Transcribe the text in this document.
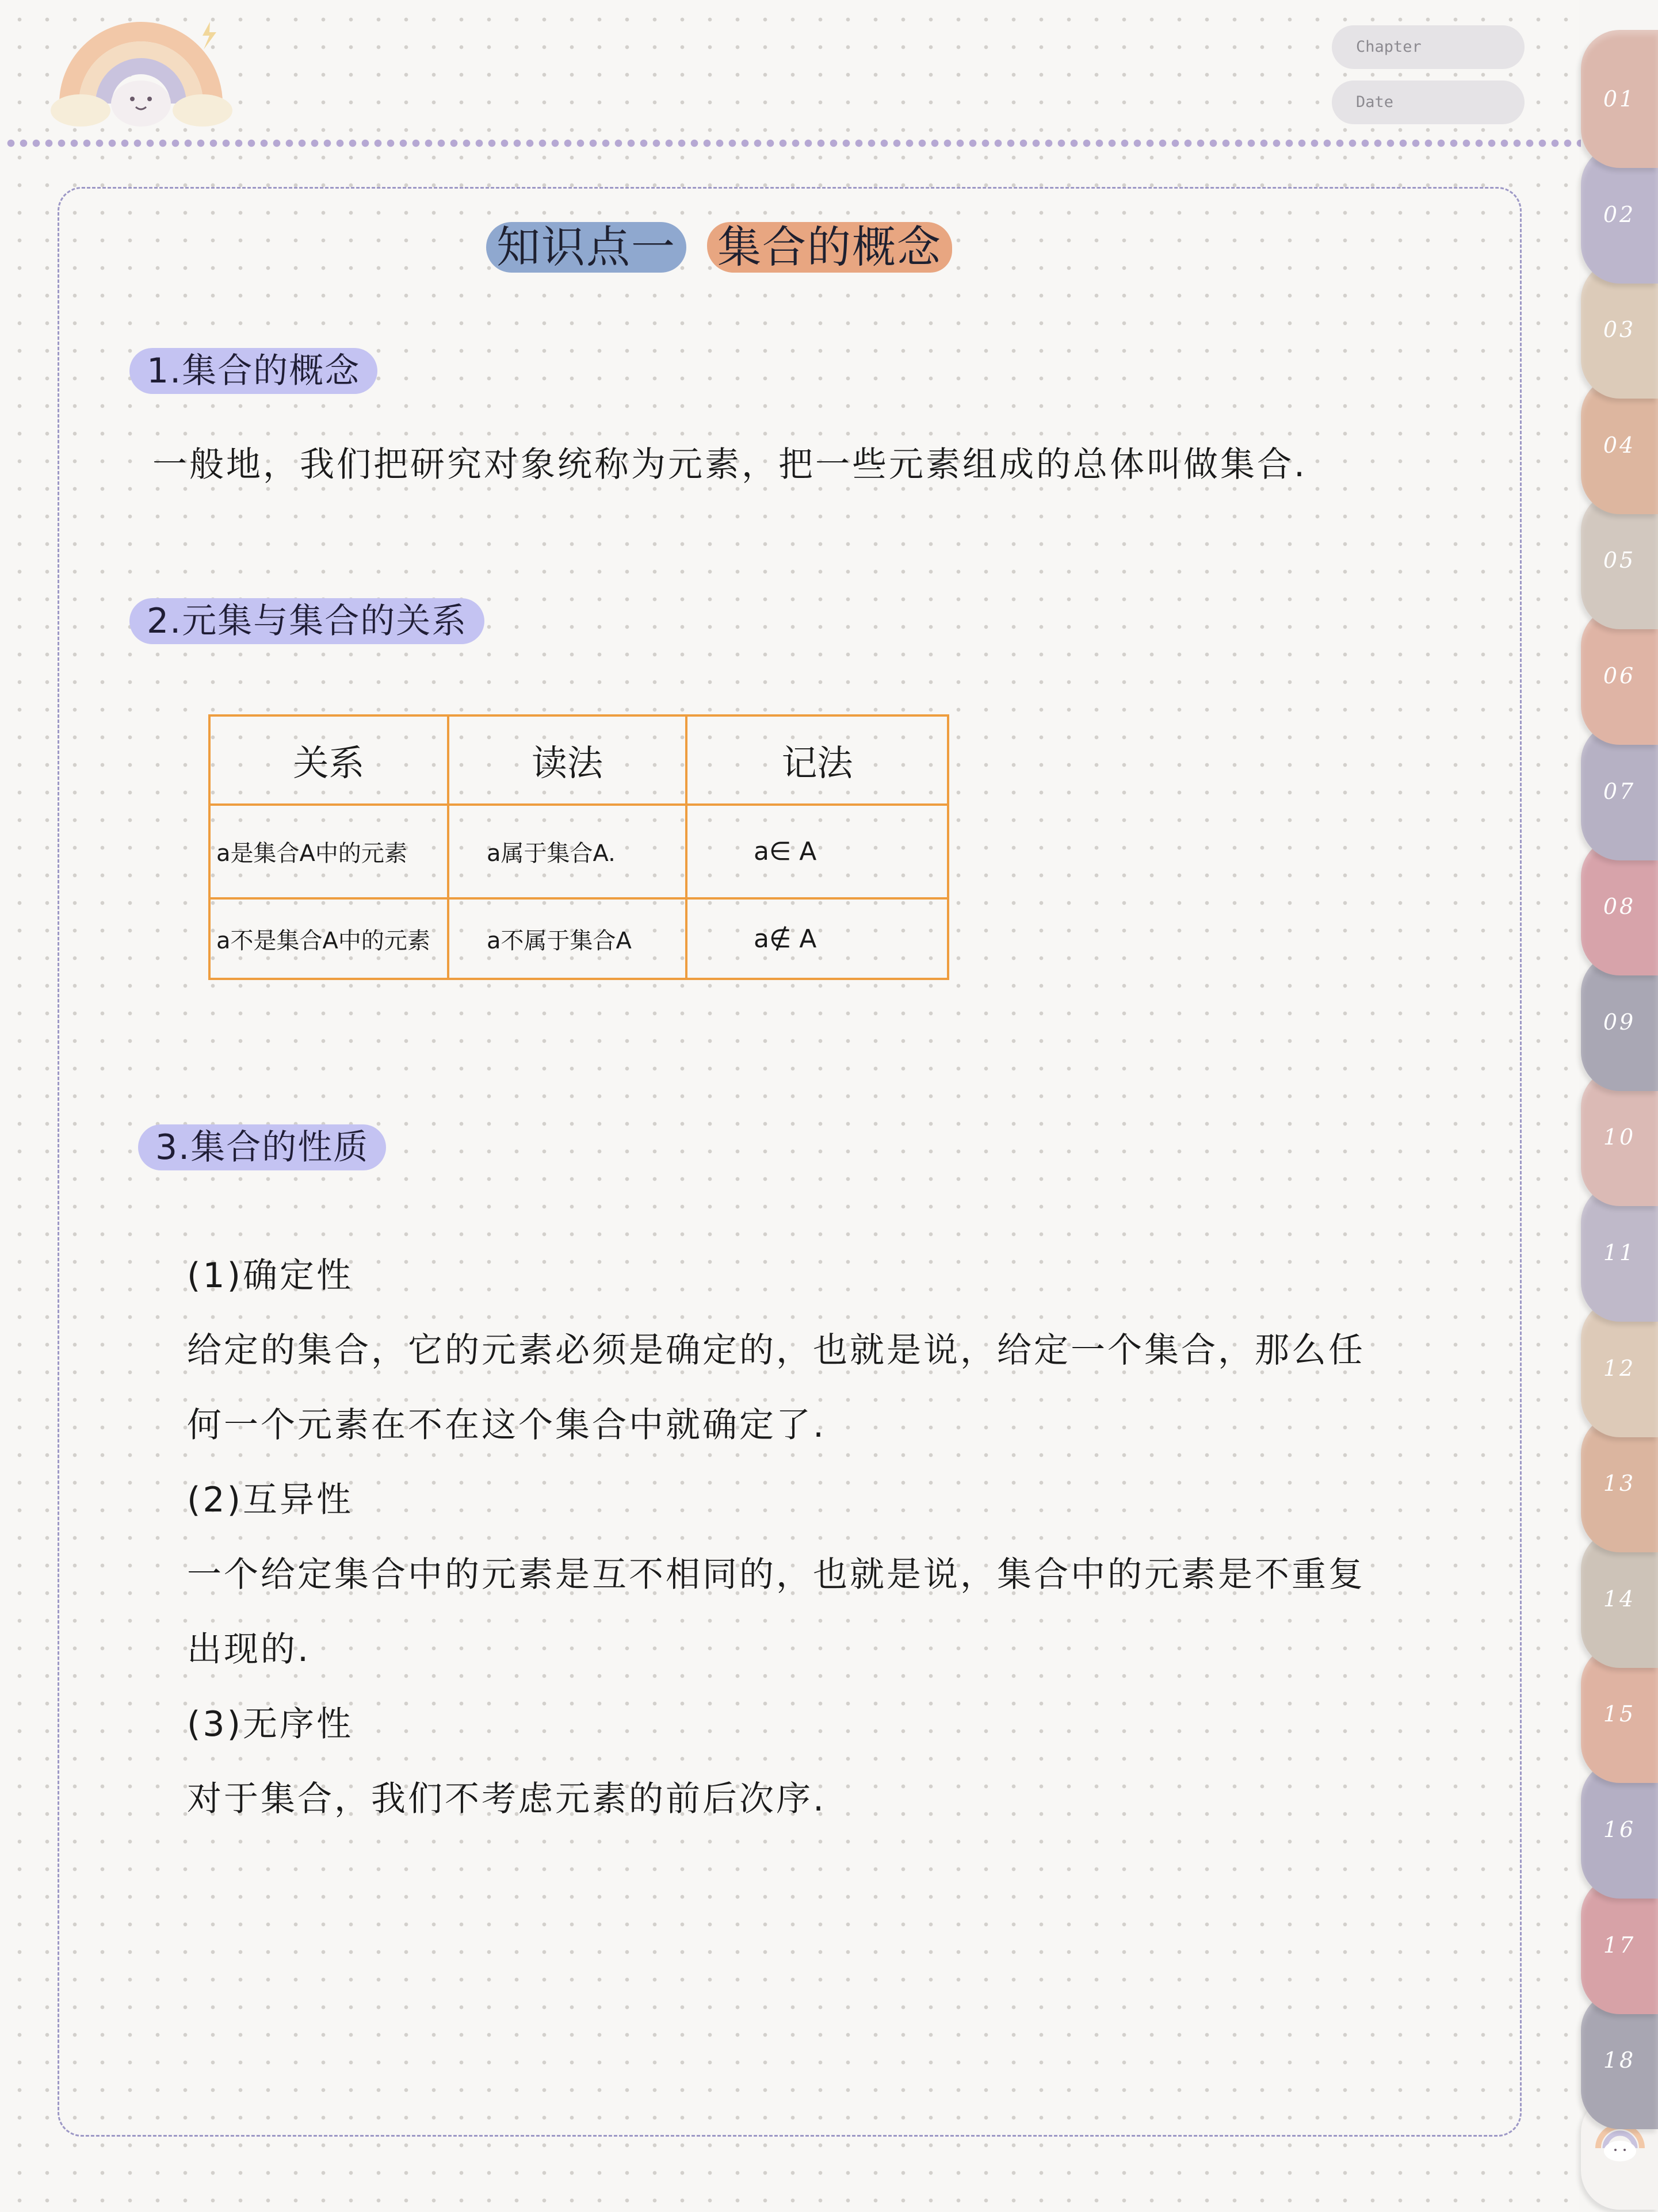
Chapter
Date
知识点一 集合的概念
1.集合的概念
一般地，我们把研究对象统称为元素，把一些元素组成的总体叫做集合.
2.元集与集合的关系
关系	读法	记法
a是集合A中的元素	a属于集合A.	a∈ A
a不是集合A中的元素	a不属于集合A	a∉ A
3.集合的性质
(1)确定性
给定的集合，它的元素必须是确定的，也就是说，给定一个集合，那么任
何一个元素在不在这个集合中就确定了.
(2)互异性
一个给定集合中的元素是互不相同的，也就是说，集合中的元素是不重复
出现的.
(3)无序性
对于集合，我们不考虑元素的前后次序.
01
02
03
04
05
06
07
08
09
10
11
12
13
14
15
16
17
18
